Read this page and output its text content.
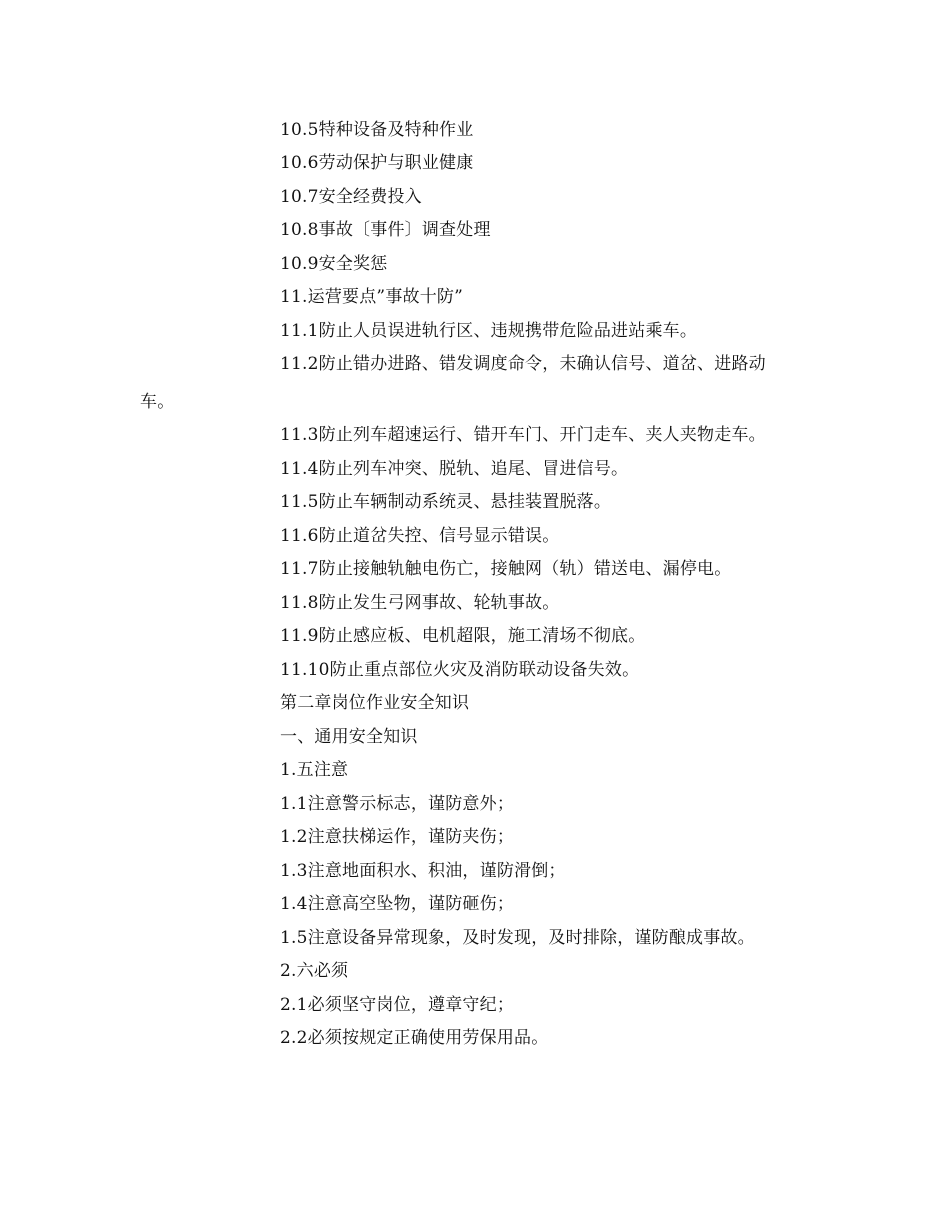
10.5特种设备及特种作业
10.6劳动保护与职业健康
10.7安全经费投入
10.8事故〔事件〕调查处理
10.9安全奖惩
11.运营要点”事故十防”
11.1防止人员误进轨行区、违规携带危险品进站乘车。
11.2防止错办进路、错发调度命令，未确认信号、道岔、进路动
车。
11.3防止列车超速运行、错开车门、开门走车、夹人夹物走车。
11.4防止列车冲突、脱轨、追尾、冒进信号。
11.5防止车辆制动系统灵、悬挂装置脱落。
11.6防止道岔失控、信号显示错误。
11.7防止接触轨触电伤亡，接触网（轨）错送电、漏停电。
11.8防止发生弓网事故、轮轨事故。
11.9防止感应板、电机超限，施工清场不彻底。
11.10防止重点部位火灾及消防联动设备失效。
第二章岗位作业安全知识
一、通用安全知识
1.五注意
1.1注意警示标志，谨防意外；
1.2注意扶梯运作，谨防夹伤；
1.3注意地面积水、积油，谨防滑倒；
1.4注意高空坠物，谨防砸伤；
1.5注意设备异常现象，及时发现，及时排除，谨防酿成事故。
2.六必须
2.1必须坚守岗位，遵章守纪；
2.2必须按规定正确使用劳保用品。
